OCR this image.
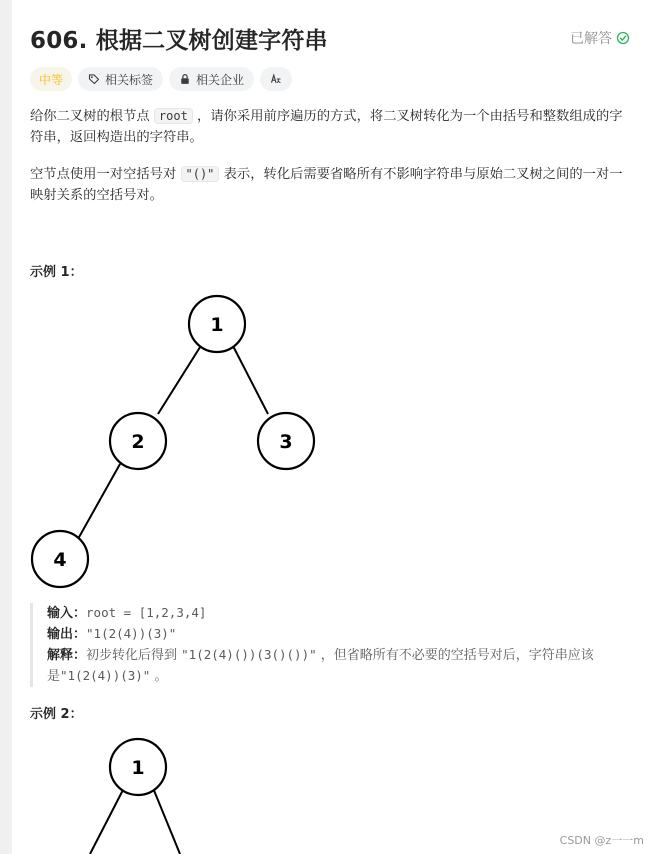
606. 根据二叉树创建字符串	已解答
中等	相关标签	相关企业

给你二叉树的根节点 root ，请你采用前序遍历的方式，将二叉树转化为一个由括号和整数组成的字符串，返回构造出的字符串。

空节点使用一对空括号对 "()" 表示，转化后需要省略所有不影响字符串与原始二叉树之间的一对一映射关系的空括号对。

示例 1：
1
2	3
4
输入：root = [1,2,3,4]
输出："1(2(4))(3)"
解释：初步转化后得到 "1(2(4)())(3()())" ，但省略所有不必要的空括号对后，字符串应该是"1(2(4))(3)" 。
示例 2：
1
CSDN @z一一m
